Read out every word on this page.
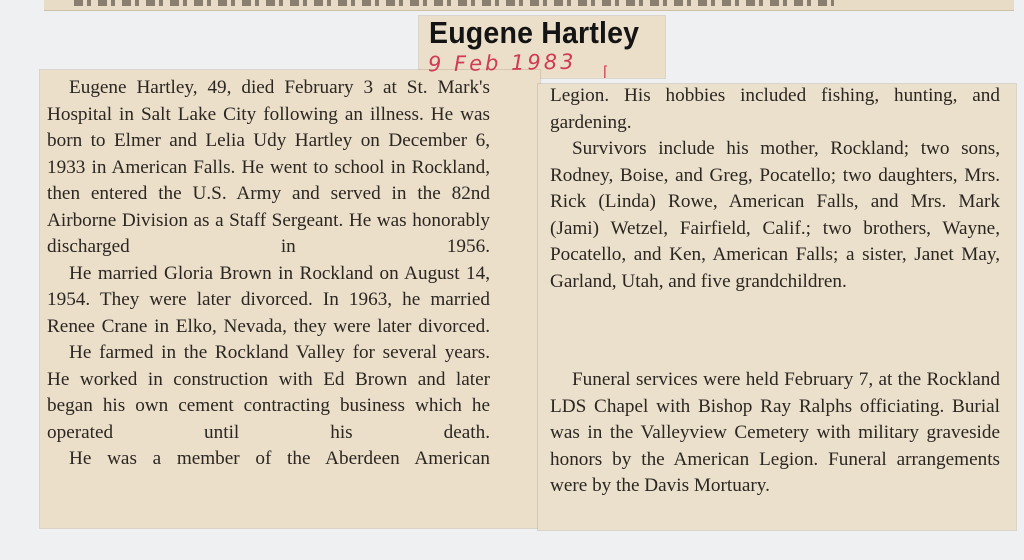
Eugene Hartley
9 Feb 1983 ⌈

Eugene Hartley, 49, died February 3 at St. Mark's Hospital in Salt Lake City following an illness. He was born to Elmer and Lelia Udy Hartley on December 6, 1933 in American Falls. He went to school in Rockland, then entered the U.S. Army and served in the 82nd Airborne Division as a Staff Sergeant. He was honorably discharged in 1956.

He married Gloria Brown in Rockland on August 14, 1954. They were later divorced. In 1963, he married Renee Crane in Elko, Nevada, they were later divorced.

He farmed in the Rockland Valley for several years. He worked in construction with Ed Brown and later began his own cement contracting business which he operated until his death.

He was a member of the Aberdeen American

Legion. His hobbies included fishing, hunting, and gardening.

Survivors include his mother, Rockland; two sons, Rodney, Boise, and Greg, Pocatello; two daughters, Mrs. Rick (Linda) Rowe, American Falls, and Mrs. Mark (Jami) Wetzel, Fairfield, Calif.; two brothers, Wayne, Pocatello, and Ken, American Falls; a sister, Janet May, Garland, Utah, and five grandchildren.

Funeral services were held February 7, at the Rockland LDS Chapel with Bishop Ray Ralphs officiating. Burial was in the Valleyview Cemetery with military graveside honors by the American Legion. Funeral arrangements were by the Davis Mortuary.
